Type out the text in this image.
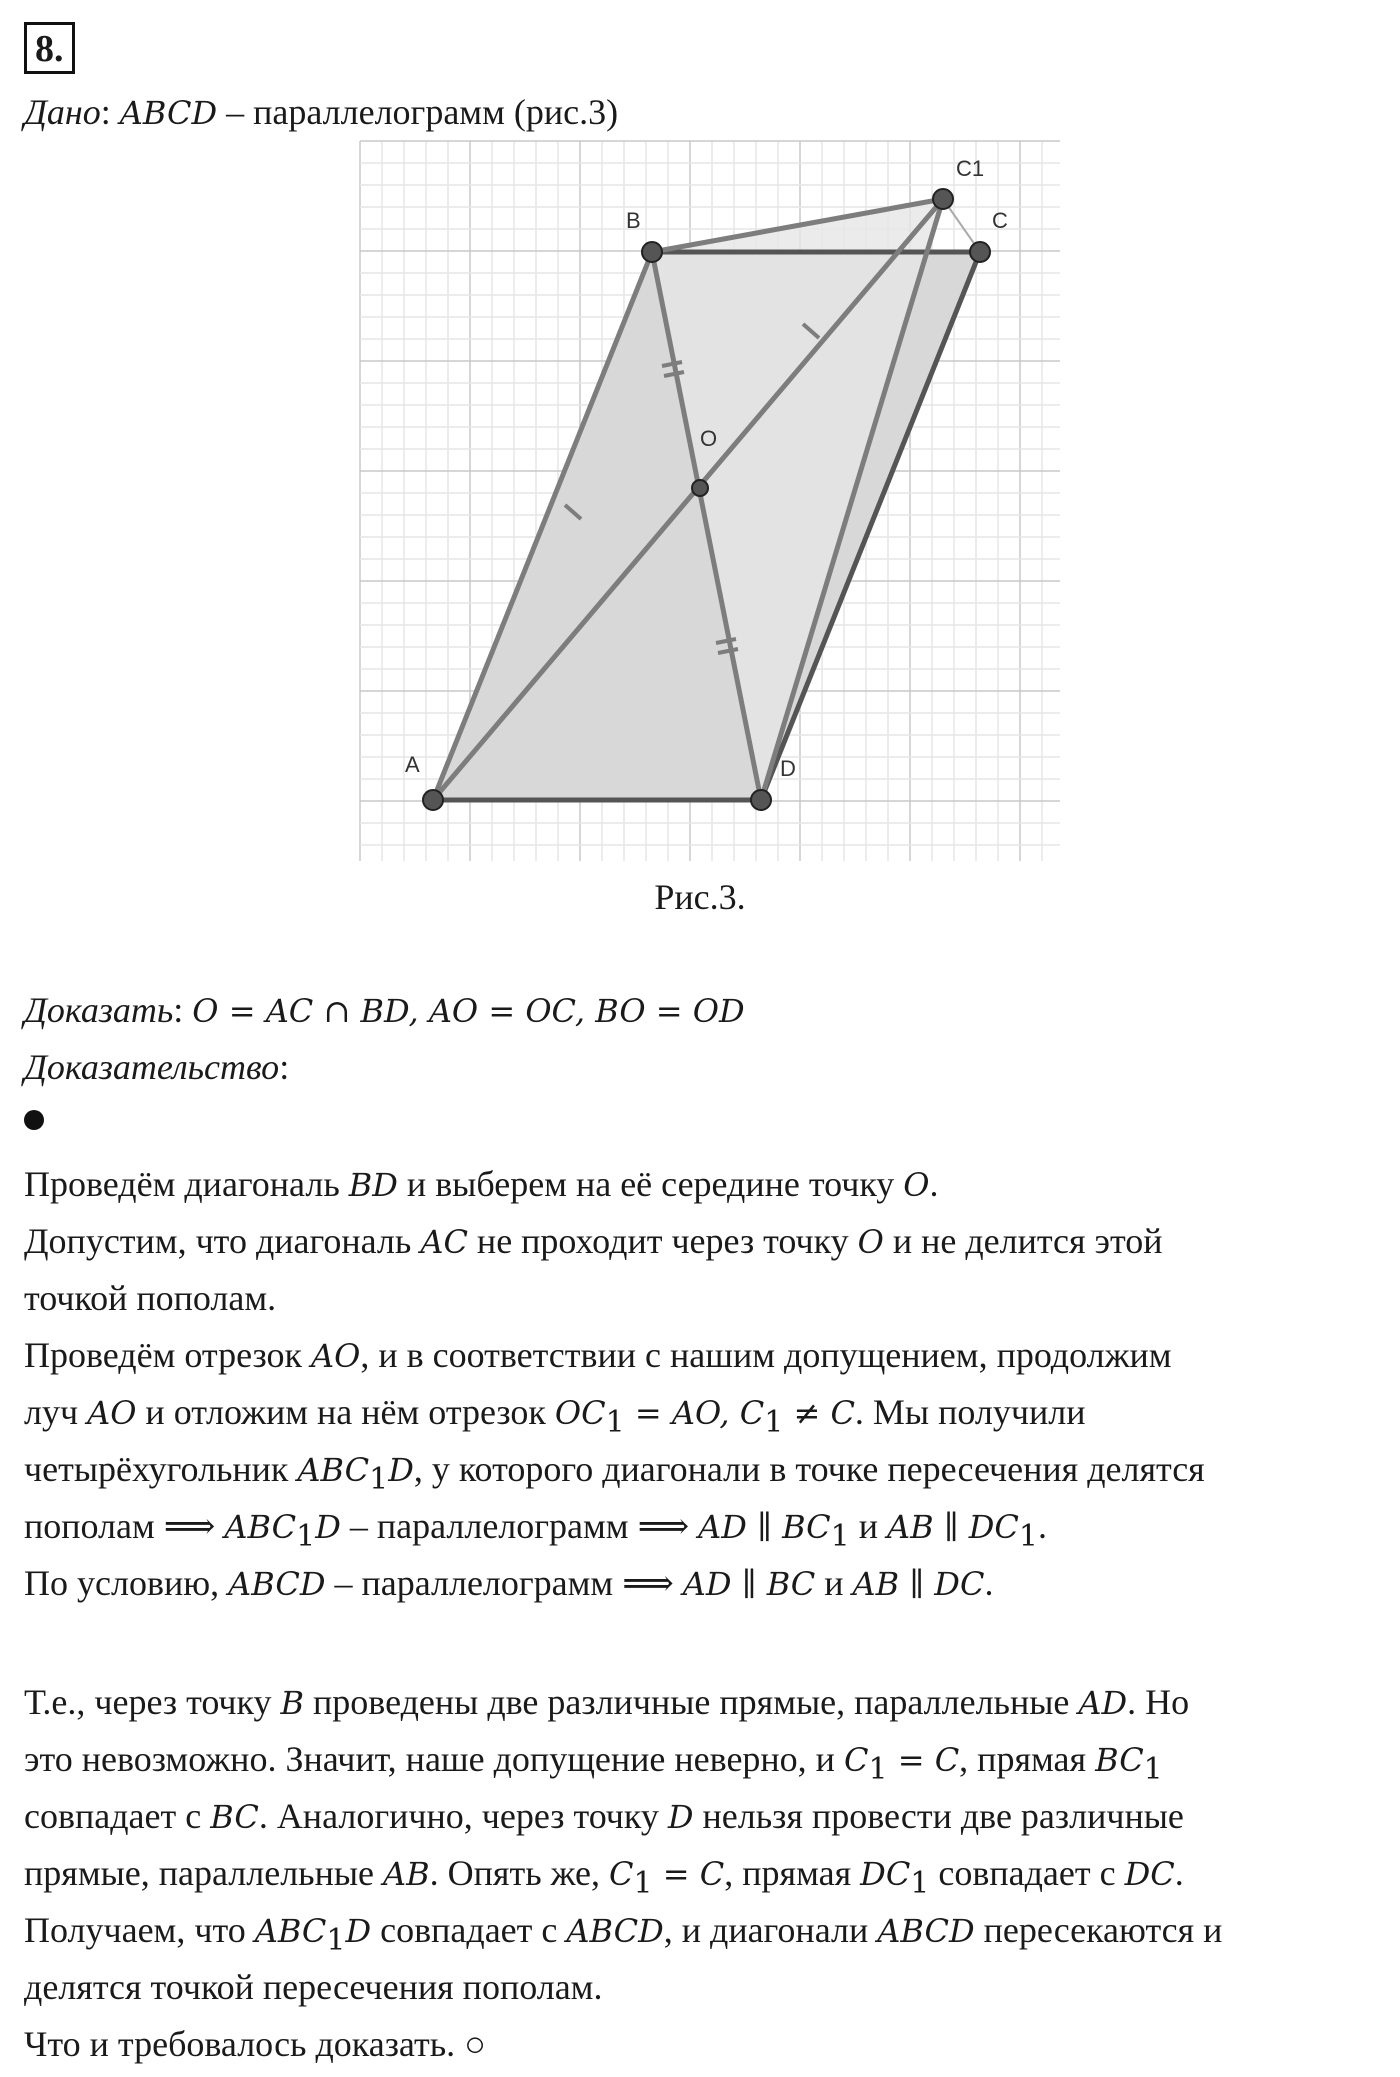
8.
Дано: ABCD – параллелограмм (рис.3)
A
B	C
C1
D
O
Рис.3.
Доказать: O = AC ∩ BD, AO = OC, BO = OD
Доказательство:
Проведём диагональ BD и выберем на её середине точку O.
Допустим, что диагональ AC не проходит через точку O и не делится этой
точкой пополам.
Проведём отрезок AO, и в соответствии с нашим допущением, продолжим
луч AO и отложим на нём отрезок $OC_1$ = AO, $C_1 \ne C$. Мы получили
четырёхугольник $ABC_1D$, у которого диагонали в точке пересечения делятся
пополам ⟹ $ABC_1D$ – параллелограмм ⟹ AD ∥ $BC_1$ и AB ∥ $DC_1$.
По условию, ABCD – параллелограмм ⟹ AD ∥ BC и AB ∥ DC.
Т.е., через точку B проведены две различные прямые, параллельные AD. Но
это невозможно. Значит, наше допущение неверно, и $C_1 = C$, прямая $BC_1$
совпадает с BC. Аналогично, через точку D нельзя провести две различные
прямые, параллельные AB. Опять же, $C_1 = C$, прямая $DC_1$ совпадает с DC.
Получаем, что $ABC_1D$ совпадает с ABCD, и диагонали ABCD пересекаются и
делятся точкой пересечения пополам.
Что и требовалось доказать. ○
